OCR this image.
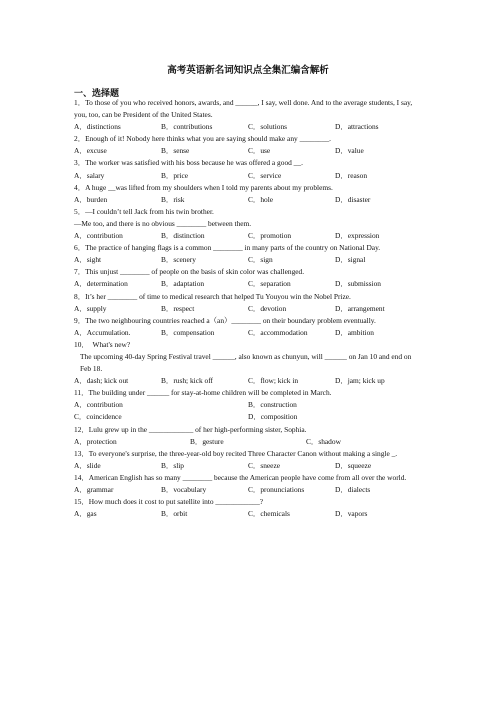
高考英语新名词知识点全集汇编含解析
一、选择题

1．To those of you who received honors, awards, and ______, I say, well done. And to the average students, I say, you, too, can be President of the United States.

A．distinctions	B．contributions	C．solutions	D．attractions

2．Enough of it! Nobody here thinks what you are saying should make any ________.

A．excuse	B．sense	C．use	D．value

3．The worker was satisfied with his boss because he was offered a good __.

A．salary	B．price	C．service	D．reason

4．A huge __was lifted from my shoulders when I told my parents about my problems.

A．burden	B．risk	C．hole	D．disaster

5．—I couldn’t tell Jack from his twin brother.

—Me too, and there is no obvious ________ between them.

A．contribution	B．distinction	C．promotion	D．expression

6．The practice of hanging flags is a common ________ in many parts of the country on National Day.

A．sight	B．scenery	C．sign	D．signal

7．This unjust ________ of people on the basis of skin color was challenged.

A．determination	B．adaptation	C．separation	D．submission

8．It’s her ________ of time to medical research that helped Tu Youyou win the Nobel Prize.

A．supply	B．respect	C．devotion	D．arrangement

9．The two neighbouring countries reached a（an）________ on their boundary problem eventually.

A．Accumulation.	B．compensation	C．accommodation	D．ambition

10．　What's new?

The upcoming 40-day Spring Festival travel ______, also known as chunyun, will ______ on Jan 10 and end on Feb 18.

A．dash; kick out	B．rush; kick off	C．flow; kick in	D．jam; kick up

11．The building under ______ for stay-at-home children will be completed in March.

A．contribution	B．construction
C．coincidence	D．composition

12．Lulu grew up in the ____________ of her high-performing sister, Sophia.

A．protection	B．gesture	C．shadow

13．To everyone's surprise, the three-year-old boy recited Three Character Canon without making a single _.

A．slide	B．slip	C．sneeze	D．squeeze

14．American English has so many ________ because the American people have come from all over the world.

A．grammar	B．vocabulary	C．pronunciations	D．dialects

15．How much does it cost to put satellite into ____________?

A．gas	B．orbit	C．chemicals	D．vapors
